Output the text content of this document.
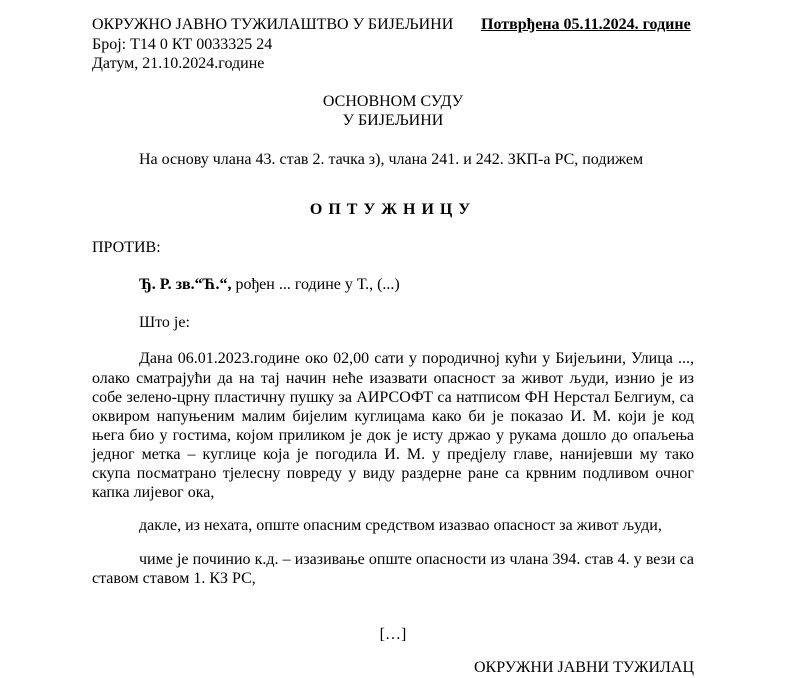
ОКРУЖНО ЈАВНО ТУЖИЛАШТВО У БИЈЕЉИНИ Потврђена 05.11.2024. године
Број: Т14 0 КТ 0033325 24
Датум, 21.10.2024.године
ОСНОВНОМ СУДУ
У БИЈЕЉИНИ
На основу члана 43. став 2. тачка з), члана 241. и 242. ЗКП-а РС, подижем
ОПТУЖНИЦУ
ПРОТИВ:
Ђ. Р. зв.“Ћ.“, рођен ... године у Т., (...)
Што је:
Дана 06.01.2023.године око 02,00 сати у породичној кући у Бијељини, Улица ...,
олако сматрајући да на тај начин неће изазвати опасност за живот људи, изнио је из
собе зелено-црну пластичну пушку за АИРСОФТ са натписом ФН Нерстал Белгиум, са
оквиром напуњеним малим бијелим куглицама како би је показао И. М. који је код
њега био у гостима, којом приликом је док је исту држао у рукама дошло до опаљења
једног метка – куглице која је погодила И. М. у предјелу главе, нанијевши му тако
скупа посматрано тјелесну повреду у виду раздерне ране са крвним подливом очног
капка лијевог ока,
дакле, из нехата, опште опасним средством изазвао опасност за живот људи,
чиме је починио к.д. – изазивање опште опасности из члана 394. став 4. у вези са
ставом ставом 1. КЗ РС,
[…]
ОКРУЖНИ ЈАВНИ ТУЖИЛАЦ
